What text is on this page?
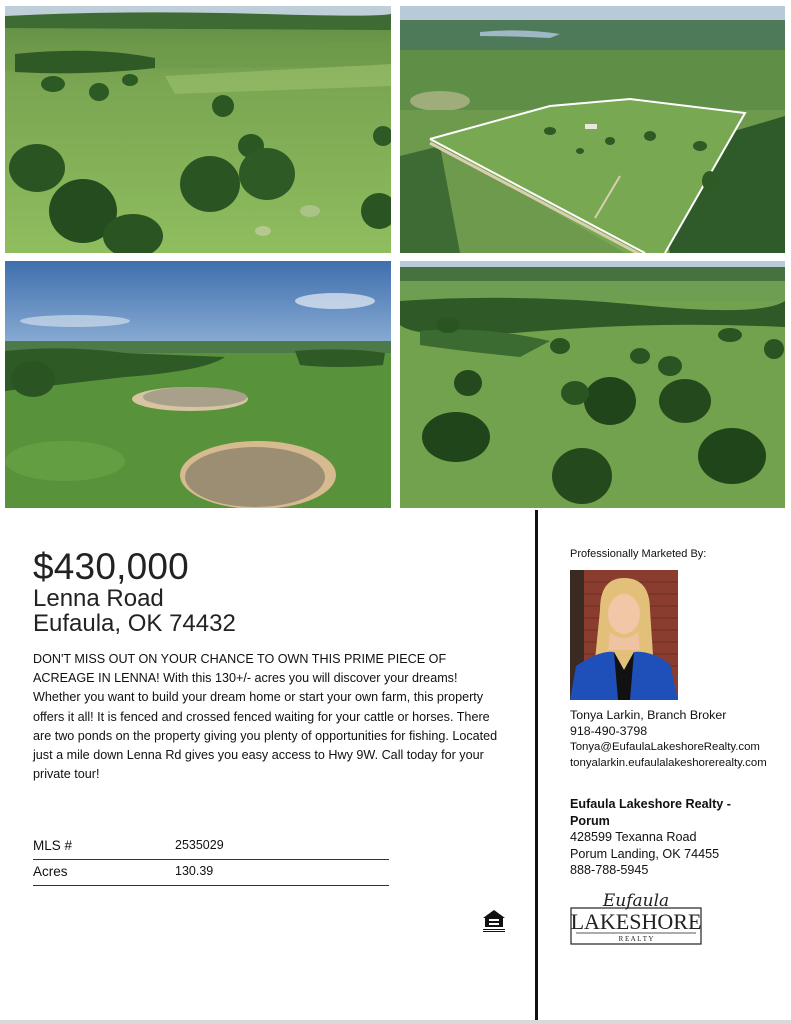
$430,000
Lenna Road
Eufaula, OK 74432
DON'T MISS OUT ON YOUR CHANCE TO OWN THIS PRIME PIECE OF ACREAGE IN LENNA! With this 130+/- acres you will discover your dreams! Whether you want to build your dream home or start your own farm, this property offers it all! It is fenced and crossed fenced waiting for your cattle or horses. There are two ponds on the property giving you plenty of opportunities for fishing. Located just a mile down Lenna Rd gives you easy access to Hwy 9W. Call today for your private tour!
MLS #	2535029
Acres	130.39
Professionally Marketed By:
Tonya Larkin, Branch Broker
918-490-3798
Tonya@EufaulaLakeshoreRealty.com
tonyalarkin.eufaulalakeshorerealty.com
Eufaula Lakeshore Realty - Porum
428599 Texanna Road
Porum Landing, OK 74455
888-788-5945
Eufaula
LAKESHORE
R E A L T Y
